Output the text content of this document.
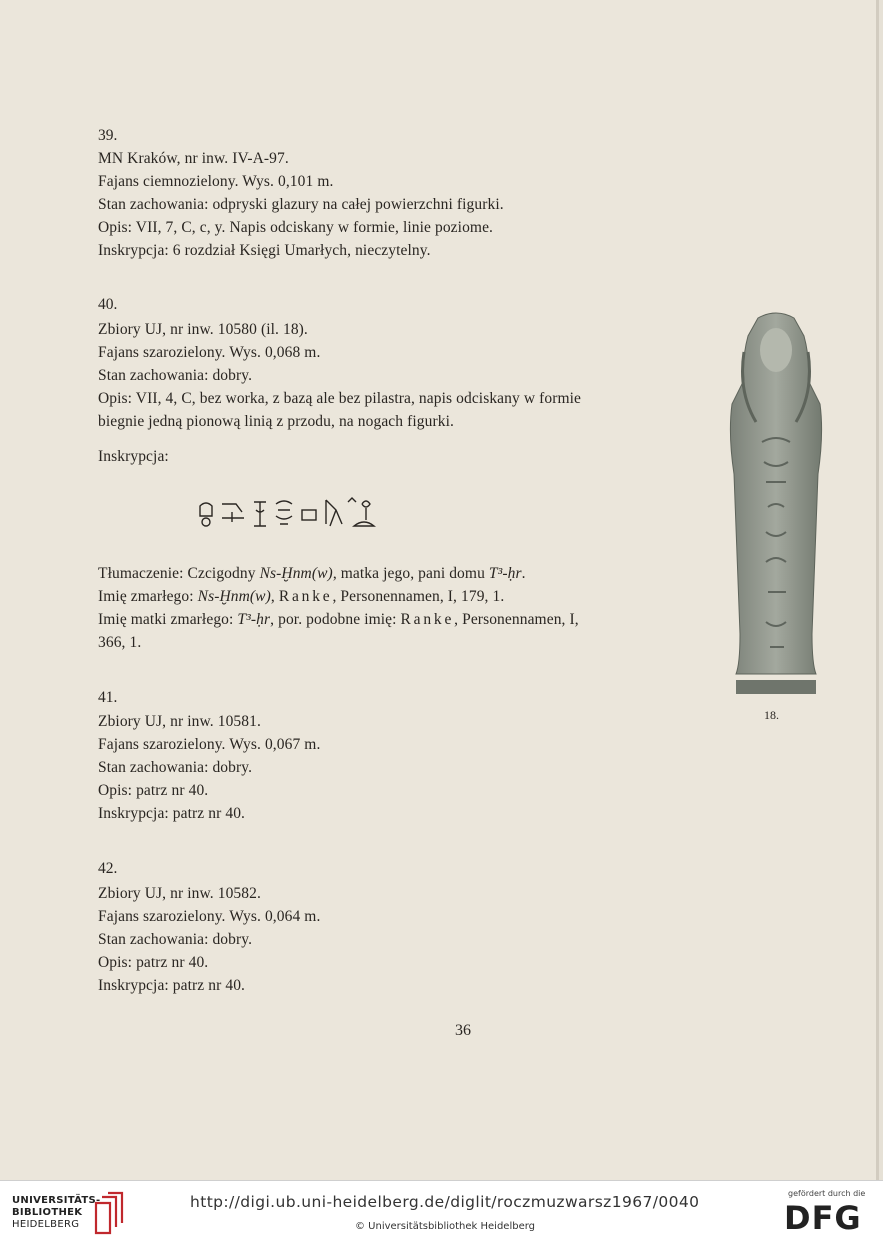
39.
MN Kraków, nr inw. IV-A-97.
Fajans ciemnozielony. Wys. 0,101 m.
Stan zachowania: odpryski glazury na całej powierzchni figurki.
Opis: VII, 7, C, c, y. Napis odciskany w formie, linie poziome.
Inskrypcja: 6 rozdział Księgi Umarłych, nieczytelny.
40.
Zbiory UJ, nr inw. 10580 (il. 18).
Fajans szarozielony. Wys. 0,068 m.
Stan zachowania: dobry.
Opis: VII, 4, C, bez worka, z bazą ale bez pilastra, napis odciskany w formie
biegnie jedną pionową linią z przodu, na nogach figurki.
Inskrypcja:
Tłumaczenie: Czcigodny Ns-Ḫnm(w), matka jego, pani domu T³-ḥr.
Imię zmarłego: Ns-Ḫnm(w), Ranke, Personennamen, I, 179, 1.
Imię matki zmarłego: T³-ḥr, por. podobne imię: Ranke, Personennamen, I,
366, 1.
18.
41.
Zbiory UJ, nr inw. 10581.
Fajans szarozielony. Wys. 0,067 m.
Stan zachowania: dobry.
Opis: patrz nr 40.
Inskrypcja: patrz nr 40.
42.
Zbiory UJ, nr inw. 10582.
Fajans szarozielony. Wys. 0,064 m.
Stan zachowania: dobry.
Opis: patrz nr 40.
Inskrypcja: patrz nr 40.
36
UNIVERSITÄTS-
BIBLIOTHEK
HEIDELBERG
http://digi.ub.uni-heidelberg.de/diglit/roczmuzwarsz1967/0040
© Universitätsbibliothek Heidelberg
gefördert durch die
DFG
